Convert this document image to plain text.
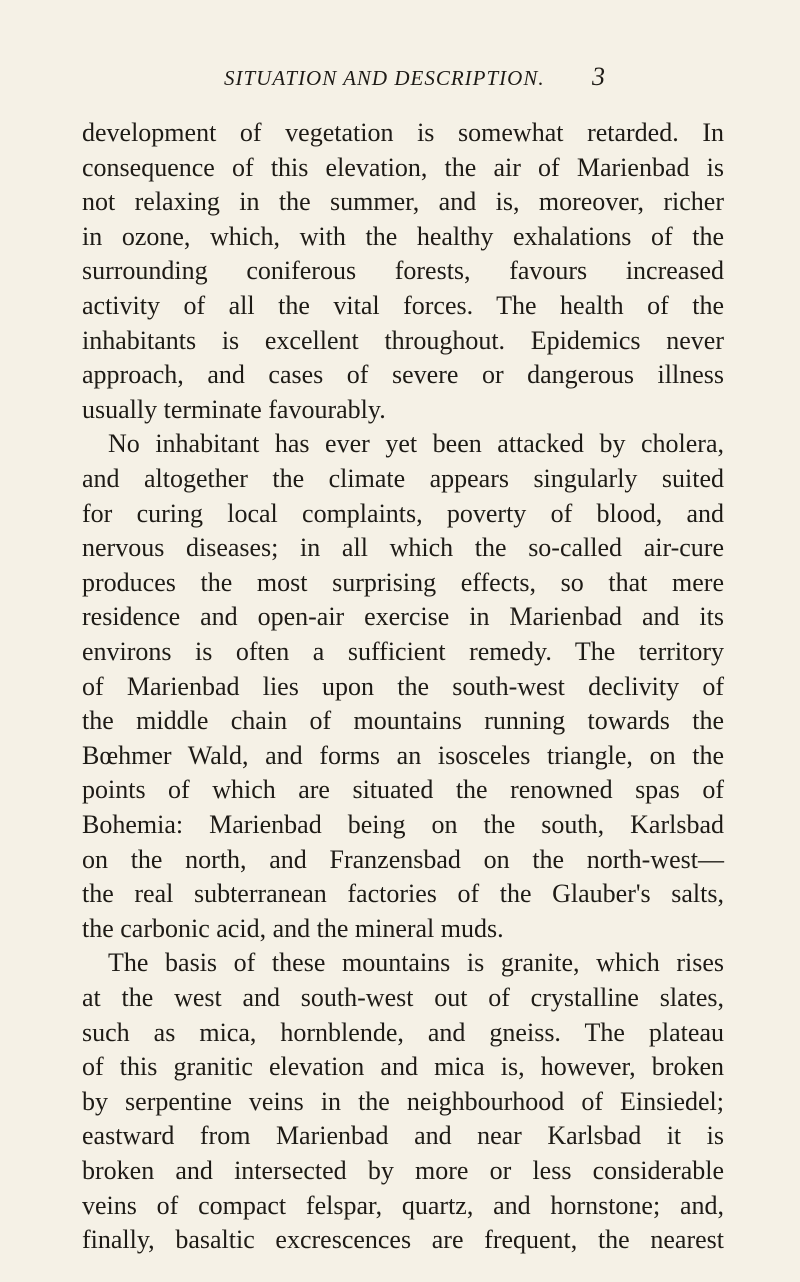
SITUATION AND DESCRIPTION.	3
development of vegetation is somewhat retarded. In
consequence of this elevation, the air of Marienbad is
not relaxing in the summer, and is, moreover, richer
in ozone, which, with the healthy exhalations of the
surrounding coniferous forests, favours increased
activity of all the vital forces. The health of the
inhabitants is excellent throughout. Epidemics never
approach, and cases of severe or dangerous illness
usually terminate favourably.
No inhabitant has ever yet been attacked by cholera,
and altogether the climate appears singularly suited
for curing local complaints, poverty of blood, and
nervous diseases; in all which the so-called air-cure
produces the most surprising effects, so that mere
residence and open-air exercise in Marienbad and its
environs is often a sufficient remedy. The territory
of Marienbad lies upon the south-west declivity of
the middle chain of mountains running towards the
Bœhmer Wald, and forms an isosceles triangle, on the
points of which are situated the renowned spas of
Bohemia: Marienbad being on the south, Karlsbad
on the north, and Franzensbad on the north-west—
the real subterranean factories of the Glauber's salts,
the carbonic acid, and the mineral muds.
The basis of these mountains is granite, which rises
at the west and south-west out of crystalline slates,
such as mica, hornblende, and gneiss. The plateau
of this granitic elevation and mica is, however, broken
by serpentine veins in the neighbourhood of Einsiedel;
eastward from Marienbad and near Karlsbad it is
broken and intersected by more or less considerable
veins of compact felspar, quartz, and hornstone; and,
finally, basaltic excrescences are frequent, the nearest
